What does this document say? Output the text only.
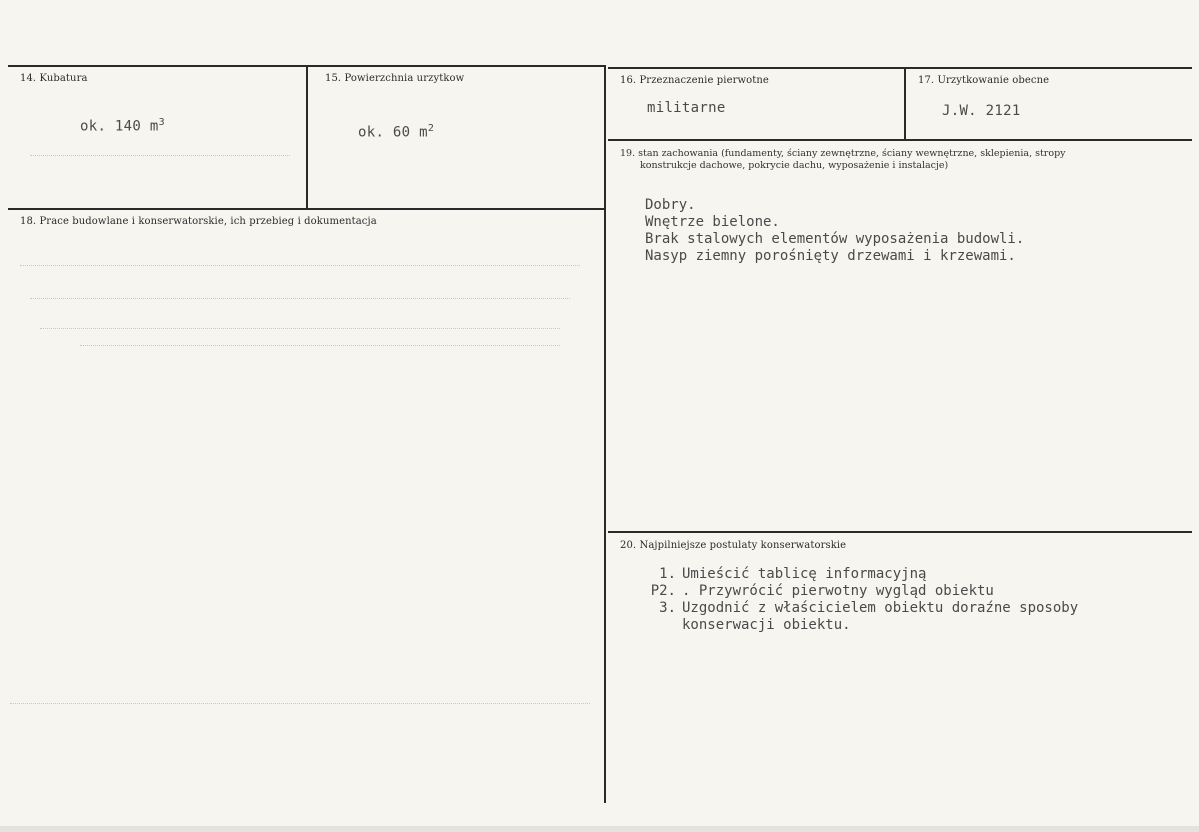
14. Kubatura
ok. 140 $m^3$
15. Powierzchnia urzytkow
ok. 60 $m^2$
16. Przeznaczenie pierwotne
militarne
17. Urzytkowanie obecne
J.W. 2121
18. Prace budowlane i konserwatorskie, ich przebieg i dokumentacja
19. stan zachowania (fundamenty, ściany zewnętrzne, ściany wewnętrzne, sklepienia, stropy
konstrukcje dachowe, pokrycie dachu, wyposażenie i instalacje)
Dobry.
Wnętrze bielone.
Brak stalowych elementów wyposażenia budowli.
Nasyp ziemny porośnięty drzewami i krzewami.
20. Najpilniejsze postulaty konserwatorskie
1. Umieścić tablicę informacyjną
P2. . Przywrócić pierwotny wygląd obiektu
3. Uzgodnić z właścicielem obiektu doraźne sposoby
konserwacji obiektu.
